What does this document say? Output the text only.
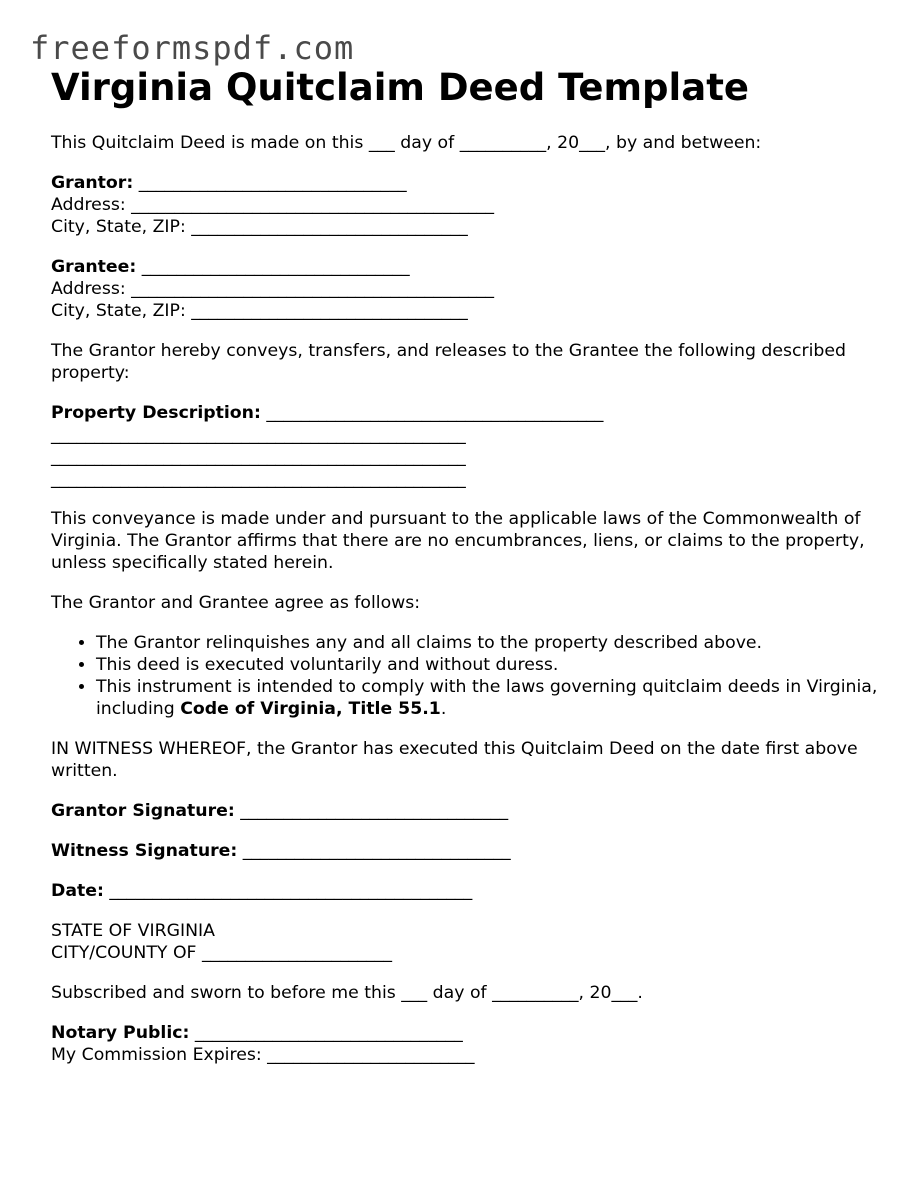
freeformspdf.com
Virginia Quitclaim Deed Template

This Quitclaim Deed is made on this ___ day of __________, 20___, by and between:

Grantor: _______________________________
Address: __________________________________________
City, State, ZIP: ________________________________
Grantee: _______________________________
Address: __________________________________________
City, State, ZIP: ________________________________

The Grantor hereby conveys, transfers, and releases to the Grantee the following described property:

Property Description: _______________________________________
________________________________________________
________________________________________________
________________________________________________

This conveyance is made under and pursuant to the applicable laws of the Commonwealth of Virginia. The Grantor affirms that there are no encumbrances, liens, or claims to the property, unless specifically stated herein.

The Grantor and Grantee agree as follows:

• The Grantor relinquishes any and all claims to the property described above.
• This deed is executed voluntarily and without duress.
• This instrument is intended to comply with the laws governing quitclaim deeds in Virginia, including Code of Virginia, Title 55.1.

IN WITNESS WHEREOF, the Grantor has executed this Quitclaim Deed on the date first above written.

Grantor Signature: _______________________________

Witness Signature: _______________________________

Date: __________________________________________

STATE OF VIRGINIA
CITY/COUNTY OF ______________________

Subscribed and sworn to before me this ___ day of __________, 20___.

Notary Public: _______________________________
My Commission Expires: ________________________
